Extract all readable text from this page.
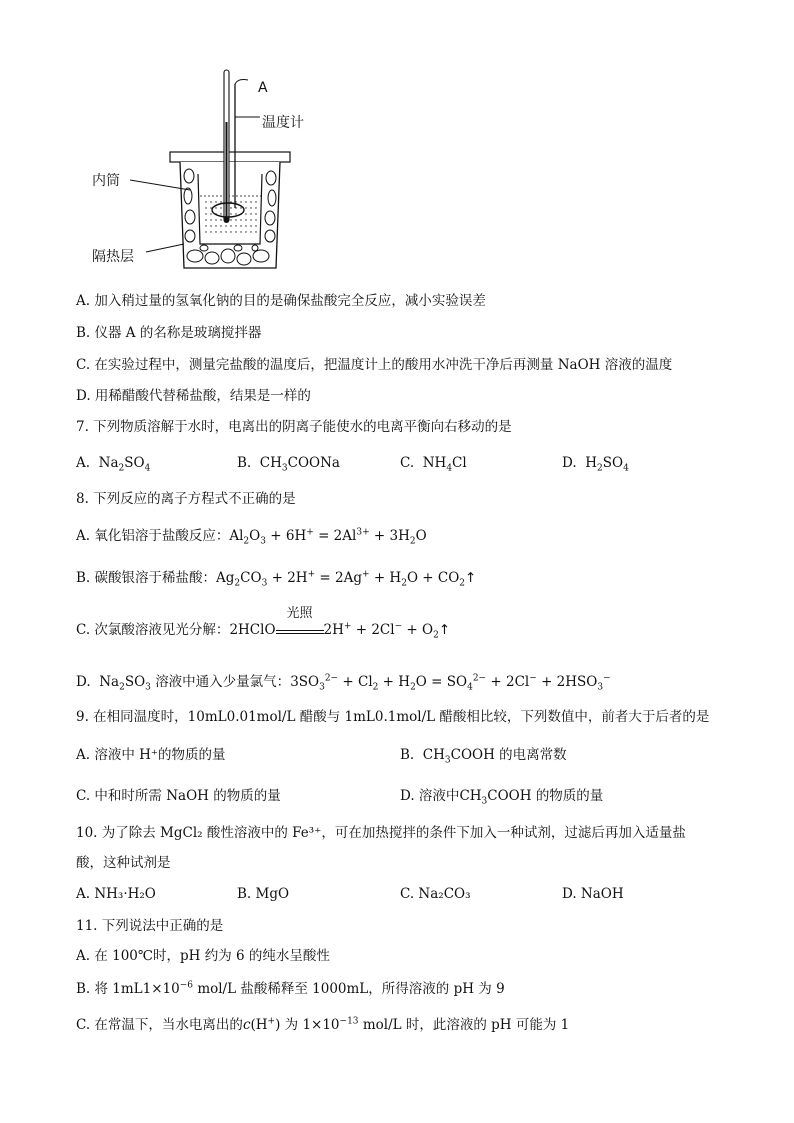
A
温度计
内筒
隔热层
A. 加入稍过量的氢氧化钠的目的是确保盐酸完全反应，减小实验误差
B. 仪器 A 的名称是玻璃搅拌器
C. 在实验过程中，测量完盐酸的温度后，把温度计上的酸用水冲洗干净后再测量 NaOH 溶液的温度
D. 用稀醋酸代替稀盐酸，结果是一样的
7. 下列物质溶解于水时，电离出的阴离子能使水的电离平衡向右移动的是
A.  $Na_2SO_4$	B.  $CH_3COONa$	C.  $NH_4Cl$	D.  $H_2SO_4$
8. 下列反应的离子方程式不正确的是
A. 氧化铝溶于盐酸反应：$Al_2O_3 + 6H^+ = 2Al^{3+} + 3H_2O$
B. 碳酸银溶于稀盐酸：$Ag_2CO_3 + 2H^+ = 2Ag^+ + H_2O$ + $CO_2↑$
C. 次氯酸溶液见光分解：2HClO
光照
$2H^+ + 2Cl^- + O_2↑$
D.  $Na_2SO_3$ 溶液中通入少量氯气：$3SO_3^{2-} + Cl_2 + H_2O = SO_4^{2-} + 2Cl^- + 2HSO_3^-$
9. 在相同温度时，10mL0.01mol/L 醋酸与 1mL0.1mol/L 醋酸相比较，下列数值中，前者大于后者的是
A. 溶液中 H⁺的物质的量	B.  $CH_3COOH$ 的电离常数
C. 中和时所需 NaOH 的物质的量	D. 溶液中$CH_3COOH$ 的物质的量
10. 为了除去 MgCl₂ 酸性溶液中的 Fe³⁺，可在加热搅拌的条件下加入一种试剂，过滤后再加入适量盐
酸，这种试剂是
A. NH₃·H₂O	B. MgO	C. Na₂CO₃	D. NaOH
11. 下列说法中正确的是
A. 在 100℃时，pH 约为 6 的纯水呈酸性
B. 将 $1mL1\times 10^{-6}$ mol/L 盐酸稀释至 1000mL，所得溶液的 pH 为 9
C. 在常温下，当水电离出的c(H+) 为 $1\times 10^{-13}$ mol/L 时，此溶液的 pH 可能为 1
